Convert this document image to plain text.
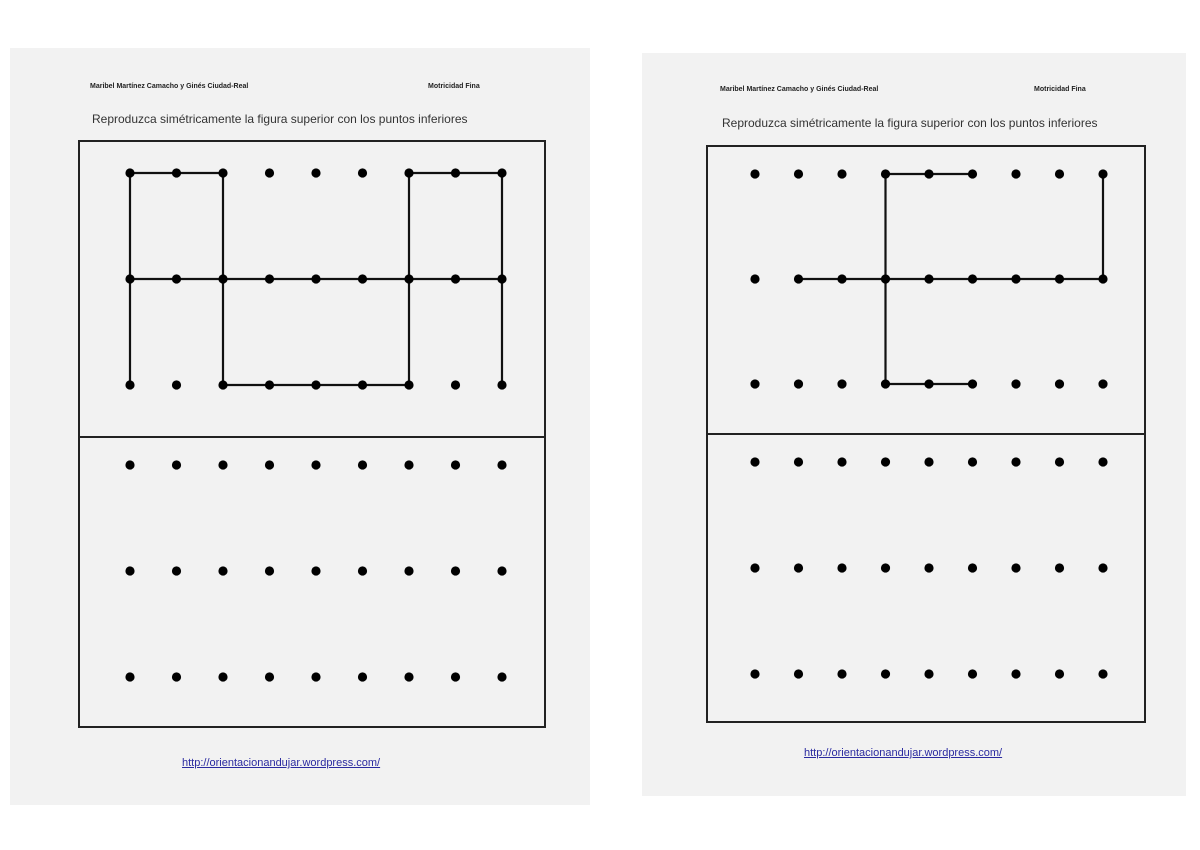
Maribel Martínez Camacho y Ginés Ciudad-Real	Motricidad Fina
Reproduzca simétricamente la figura superior con los puntos inferiores
http://orientacionandujar.wordpress.com/
Maribel Martínez Camacho y Ginés Ciudad-Real	Motricidad Fina
Reproduzca simétricamente la figura superior con los puntos inferiores
http://orientacionandujar.wordpress.com/
